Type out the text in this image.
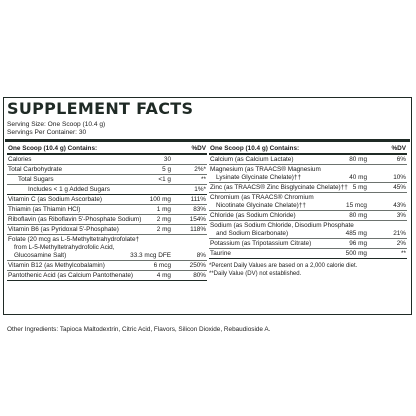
SUPPLEMENT FACTS
Serving Size: One Scoop (10.4 g)
Servings Per Container: 30
One Scoop (10.4 g) Contains:	%DV
Calories	30
Total Carbohydrate	5 g	2%*
Total Sugars	<1 g	**
Includes < 1 g Added Sugars	1%*
Vitamin C (as Sodium Ascorbate)	100 mg	111%
Thiamin (as Thiamin HCl)	1 mg	83%
Riboflavin (as Riboflavin 5'-Phosphate Sodium) 2 mg	154%
Vitamin B6 (as Pyridoxal 5'-Phosphate)	2 mg	118%
Folate (20 mcg as L-5-Methyltetrahydrofolate†
from L-5-Methyltetrahydrofolic Acid,
Glucosamine Salt)	33.3 mcg DFE	8%
Vitamin B12 (as Methylcobalamin)	6 mcg	250%
Pantothenic Acid (as Calcium Pantothenate)	4 mg	80%
One Scoop (10.4 g) Contains:	%DV
Calcium (as Calcium Lactate)	80 mg	6%
Magnesium (as TRAACS® Magnesium
Lysinate Glycinate Chelate)††	40 mg	10%
Zinc (as TRAACS® Zinc Bisglycinate Chelate)†† 5 mg	45%
Chromium (as TRAACS® Chromium
Nicotinate Glycinate Chelate)††	15 mcg	43%
Chloride (as Sodium Chloride)	80 mg	3%
Sodium (as Sodium Chloride, Disodium Phosphate
and Sodium Bicarbonate)	485 mg	21%
Potassium (as Tripotassium Citrate)	96 mg	2%
Taurine	500 mg	**
*Percent Daily Values are based on a 2,000 calorie diet.
**Daily Value (DV) not established.
Other Ingredients: Tapioca Maltodextrin, Citric Acid, Flavors, Silicon Dioxide, Rebaudioside A.
